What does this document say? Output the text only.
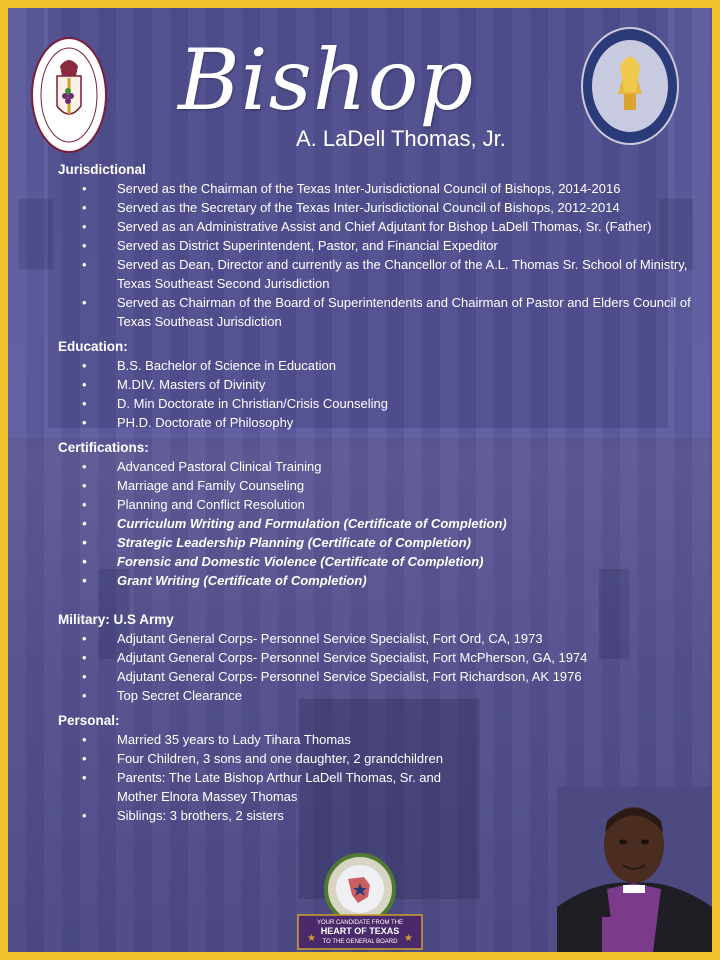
Bishop
A. LaDell Thomas, Jr.
Jurisdictional
• Served as the Chairman of the Texas Inter-Jurisdictional Council of Bishops, 2014-2016
• Served as the Secretary of the Texas Inter-Jurisdictional Council of Bishops, 2012-2014
• Served as an Administrative Assist and Chief Adjutant for Bishop LaDell Thomas, Sr. (Father)
• Served as District Superintendent, Pastor, and Financial Expeditor
• Served as Dean, Director and currently as the Chancellor of the A.L. Thomas Sr. School of Ministry, Texas Southeast Second Jurisdiction
• Served as Chairman of the Board of Superintendents and Chairman of Pastor and Elders Council of Texas Southeast Jurisdiction
Education:
• B.S. Bachelor of Science in Education
• M.DIV. Masters of Divinity
• D. Min Doctorate in Christian/Crisis Counseling
• PH.D. Doctorate of Philosophy
Certifications:
• Advanced Pastoral Clinical Training
• Marriage and Family Counseling
• Planning and Conflict Resolution
• Curriculum Writing and Formulation (Certificate of Completion)
• Strategic Leadership Planning (Certificate of Completion)
• Forensic and Domestic Violence (Certificate of Completion)
• Grant Writing (Certificate of Completion)
Military: U.S Army
• Adjutant General Corps- Personnel Service Specialist, Fort Ord, CA, 1973
• Adjutant General Corps- Personnel Service Specialist, Fort McPherson, GA, 1974
• Adjutant General Corps- Personnel Service Specialist, Fort Richardson, AK 1976
• Top Secret Clearance
Personal:
• Married 35 years to Lady Tihara Thomas
• Four Children, 3 sons and one daughter, 2 grandchildren
• Parents: The Late Bishop Arthur LaDell Thomas, Sr. and Mother Elnora Massey Thomas
• Siblings: 3 brothers, 2 sisters
YOUR CANDIDATE FROM THE
HEART OF TEXAS
TO THE GENERAL BOARD
★	★
